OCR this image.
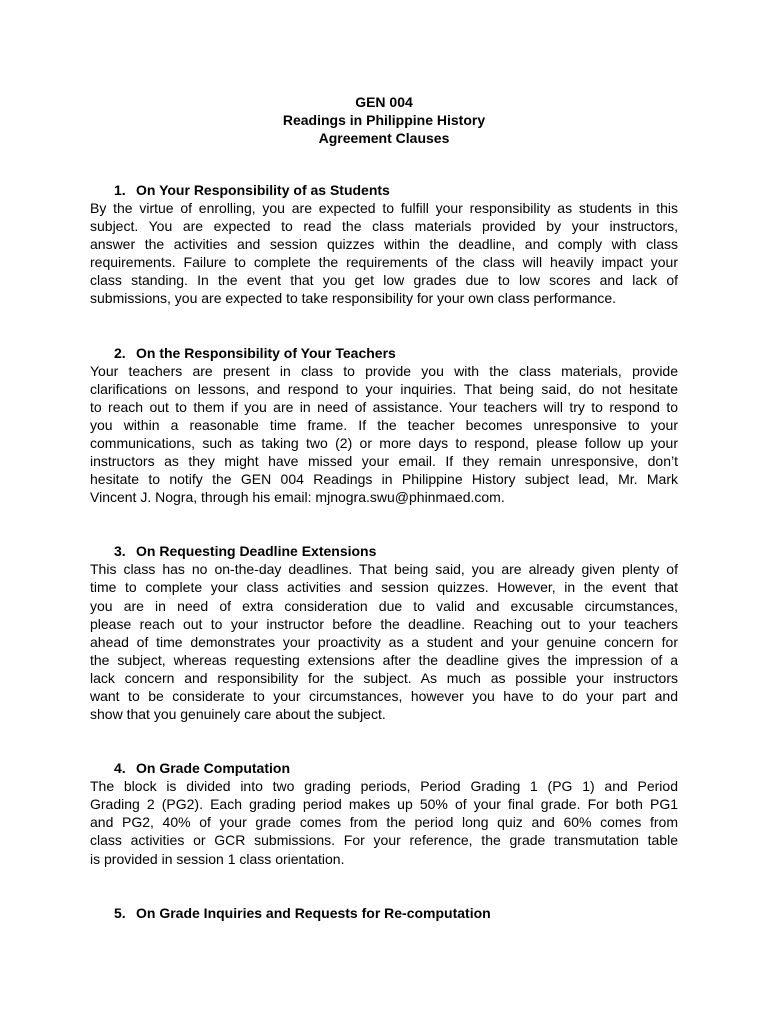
GEN 004
Readings in Philippine History
Agreement Clauses
1. On Your Responsibility of as Students
By the virtue of enrolling, you are expected to fulfill your responsibility as students in this
subject. You are expected to read the class materials provided by your instructors,
answer the activities and session quizzes within the deadline, and comply with class
requirements. Failure to complete the requirements of the class will heavily impact your
class standing. In the event that you get low grades due to low scores and lack of
submissions, you are expected to take responsibility for your own class performance.
2. On the Responsibility of Your Teachers
Your teachers are present in class to provide you with the class materials, provide
clarifications on lessons, and respond to your inquiries. That being said, do not hesitate
to reach out to them if you are in need of assistance. Your teachers will try to respond to
you within a reasonable time frame. If the teacher becomes unresponsive to your
communications, such as taking two (2) or more days to respond, please follow up your
instructors as they might have missed your email. If they remain unresponsive, don’t
hesitate to notify the GEN 004 Readings in Philippine History subject lead, Mr. Mark
Vincent J. Nogra, through his email: mjnogra.swu@phinmaed.com.
3. On Requesting Deadline Extensions
This class has no on-the-day deadlines. That being said, you are already given plenty of
time to complete your class activities and session quizzes. However, in the event that
you are in need of extra consideration due to valid and excusable circumstances,
please reach out to your instructor before the deadline. Reaching out to your teachers
ahead of time demonstrates your proactivity as a student and your genuine concern for
the subject, whereas requesting extensions after the deadline gives the impression of a
lack concern and responsibility for the subject. As much as possible your instructors
want to be considerate to your circumstances, however you have to do your part and
show that you genuinely care about the subject.
4. On Grade Computation
The block is divided into two grading periods, Period Grading 1 (PG 1) and Period
Grading 2 (PG2). Each grading period makes up 50% of your final grade. For both PG1
and PG2, 40% of your grade comes from the period long quiz and 60% comes from
class activities or GCR submissions. For your reference, the grade transmutation table
is provided in session 1 class orientation.
5. On Grade Inquiries and Requests for Re-computation
